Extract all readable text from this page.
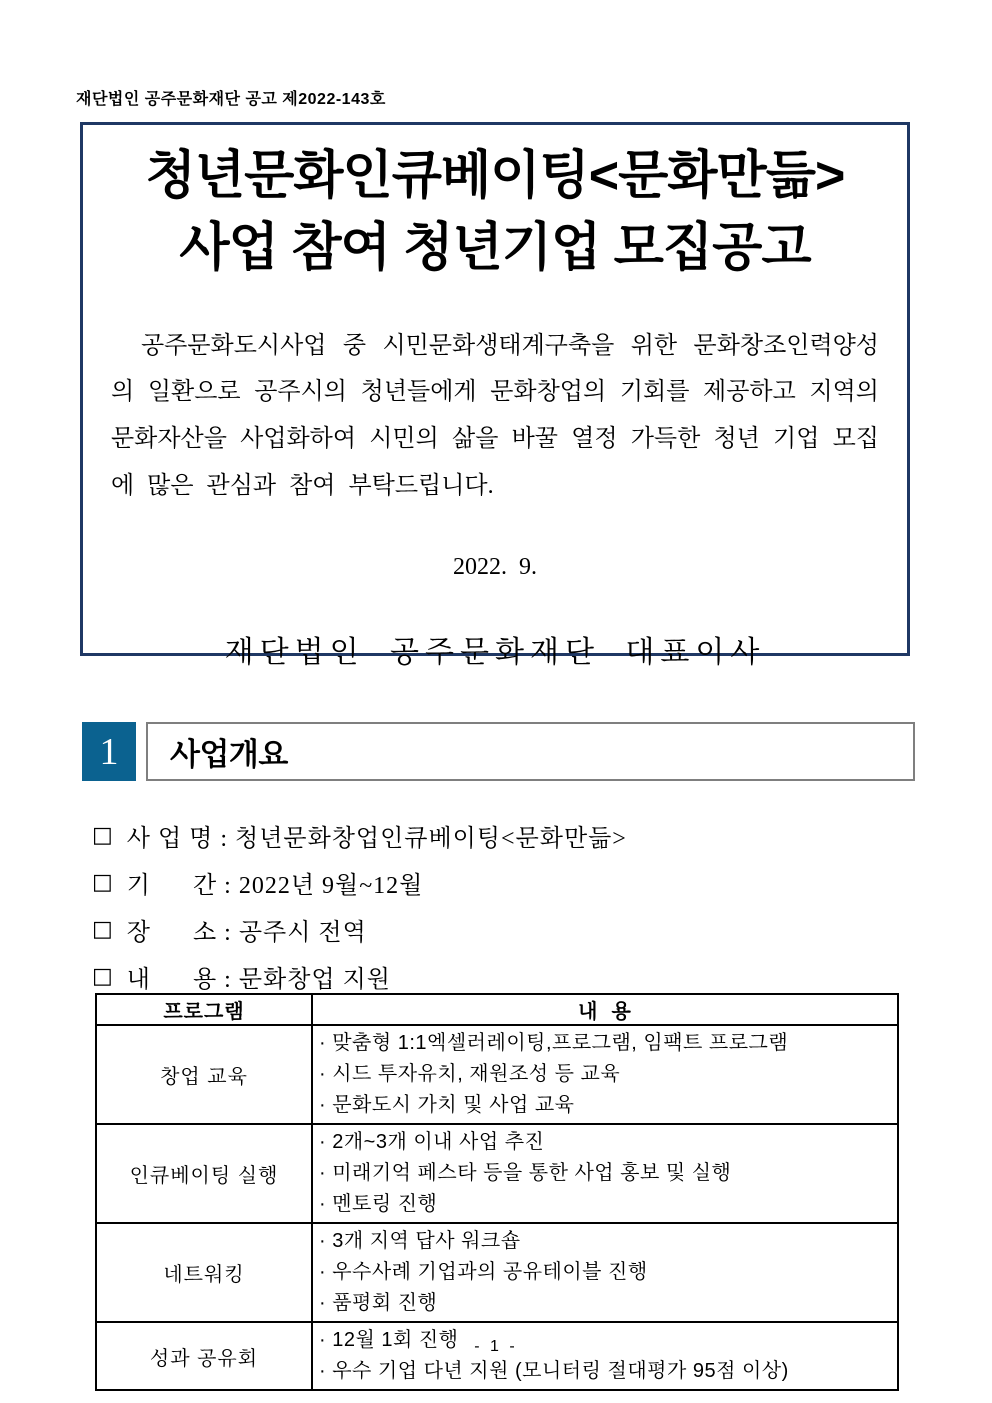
재단법인 공주문화재단 공고 제2022-143호
청년문화인큐베이팅<문화만듦>
사업 참여 청년기업 모집공고
공주문화도시사업 중 시민문화생태계구축을 위한 문화창조인력양성의 일환으로 공주시의 청년들에게 문화창업의 기회를 제공하고 지역의 문화자산을 사업화하여 시민의 삶을 바꿀 열정 가득한 청년 기업 모집에 많은 관심과 참여 부탁드립니다.
2022.  9.
재단법인 공주문화재단 대표이사
1	사업개요
□ 사 업 명 : 청년문화창업인큐베이팅<문화만듦>
□ 기      간 : 2022년 9월~12월
□ 장      소 : 공주시 전역
□ 내      용 : 문화창업 지원
프로그램	내  용
창업 교육	· 맞춤형 1:1엑셀러레이팅,프로그램, 임팩트 프로그램
· 시드 투자유치, 재원조성 등 교육
· 문화도시 가치 및 사업 교육

인큐베이팅 실행	· 2개~3개 이내 사업 추진
· 미래기억 페스타 등을 통한 사업 홍보 및 실행
· 멘토링 진행

네트워킹	· 3개 지역 답사 워크숍
· 우수사례 기업과의 공유테이블 진행
· 품평회 진행

성과 공유회	· 12월 1회 진행
· 우수 기업 다년 지원 (모니터링 절대평가 95점 이상)
- 1 -
